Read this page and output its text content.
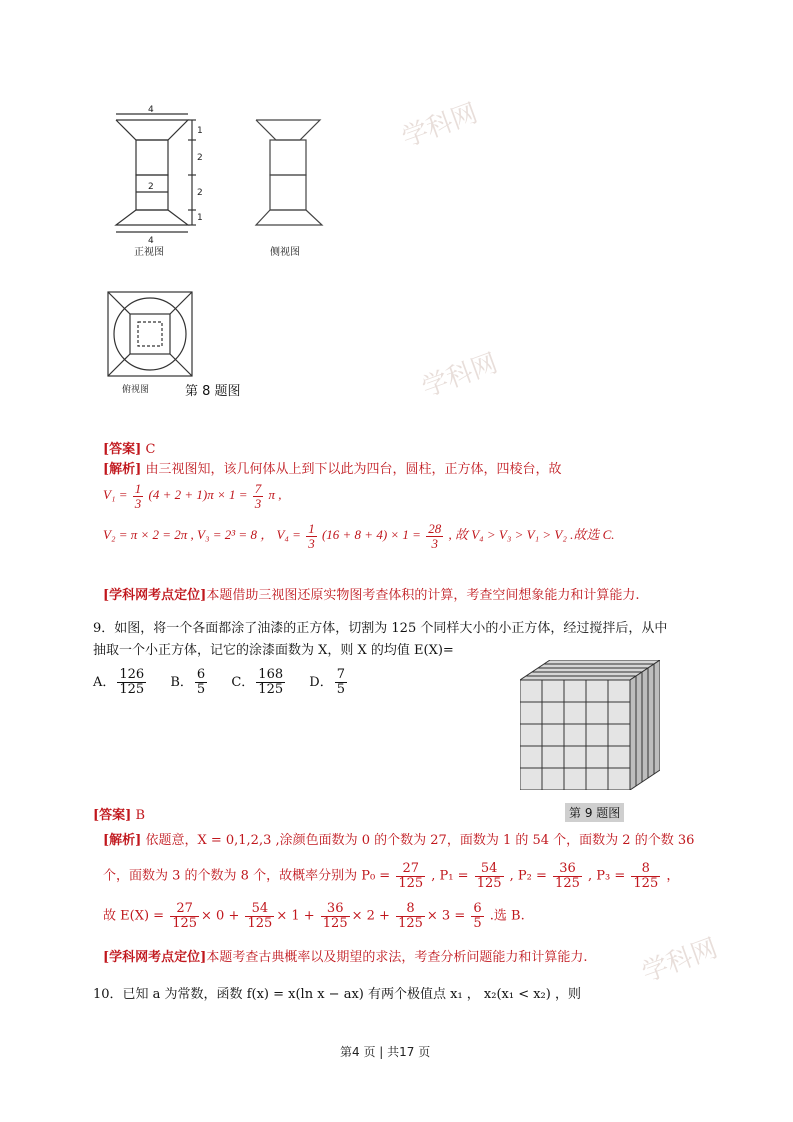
4
4
2
1
2
2
1
正视图	侧视图
俯视图	第 8 题图
学科网
学科网
学科网
[答案] C
[解析] 由三视图知，该几何体从上到下以此为四台，圆柱，正方体，四棱台，故
$V_1 = \frac{1}{3} (4 + 2 + 1)\pi \times 1 = \frac{7}{3}$ π ,
V₂ = π × 2 = 2π , V₃ = 2³ = 8 ， $V_4 = \frac{1}{3} (16 + 8 + 4) \times 1 = \frac{28}{3}$ , 故 V₄ > V₃ > V₁ > V₂ .故选 C.
[学科网考点定位]本题借助三视图还原实物图考查体积的计算，考查空间想象能力和计算能力.
9．如图，将一个各面都涂了油漆的正方体，切割为 125 个同样大小的小正方体，经过搅拌后，从中
抽取一个小正方体，记它的涂漆面数为 X，则 X 的均值 E(X)=
A． $\frac{126}{125}$ B． $\frac{6}{5}$ C． $\frac{168}{125}$ D． $\frac{7}{5}$
第 9 题图
[答案] B
[解析] 依题意，X = 0,1,2,3 ,涂颜色面数为 0 的个数为 27，面数为 1 的 54 个，面数为 2 的个数 36
个，面数为 3 的个数为 8 个，故概率分别为 $P_0 = \frac{27}{125}$ , $P_1 = \frac{54}{125}$ , $P_2 = \frac{36}{125}$ , $P_3 = \frac{8}{125}$ ，
故 $E(X) = \frac{27}{125} \times 0 + \frac{54}{125} \times 1 + \frac{36}{125} \times 2 + \frac{8}{125} \times 3 = \frac{6}{5}$ .选 B.
[学科网考点定位]本题考查古典概率以及期望的求法，考查分析问题能力和计算能力.
10．已知 a 为常数，函数 f(x) = x(ln x − ax) 有两个极值点 x₁ ， x₂(x₁ < x₂) ，则
第4 页 | 共17 页
